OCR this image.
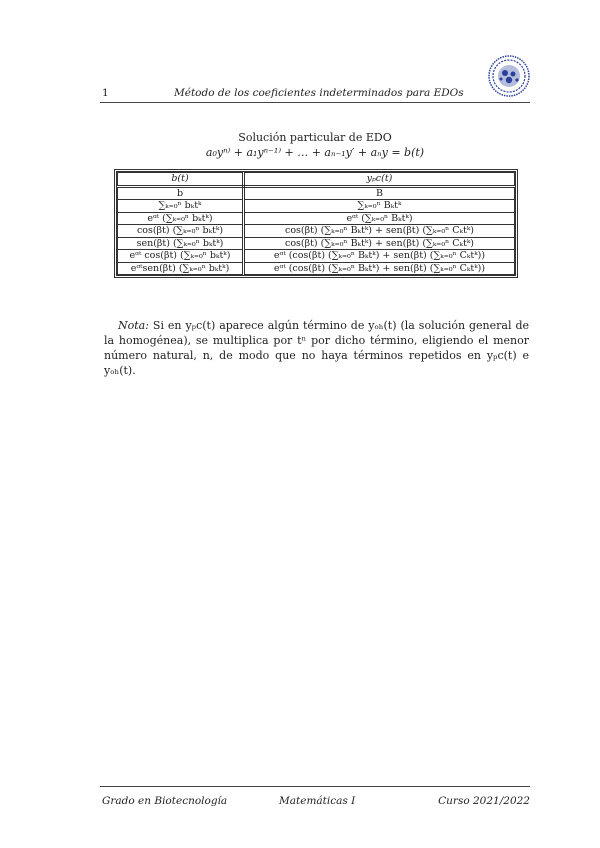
1	Método de los coeficientes indeterminados para EDOs
Solución particular de EDO
a₀yⁿ⁾ + a₁yⁿ⁻¹⁾ + … + aₙ₋₁y′ + aₙy = b(t)
b(t)	yₚc(t)
b	B
∑ₖ₌₀ⁿ bₖtᵏ	∑ₖ₌₀ⁿ Bₖtᵏ
eᵅᵗ (∑ₖ₌₀ⁿ bₖtᵏ)	eᵅᵗ (∑ₖ₌₀ⁿ Bₖtᵏ)
cos(βt) (∑ₖ₌₀ⁿ bₖtᵏ)	cos(βt) (∑ₖ₌₀ⁿ Bₖtᵏ) + sen(βt) (∑ₖ₌₀ⁿ Cₖtᵏ)
sen(βt) (∑ₖ₌₀ⁿ bₖtᵏ)	cos(βt) (∑ₖ₌₀ⁿ Bₖtᵏ) + sen(βt) (∑ₖ₌₀ⁿ Cₖtᵏ)
eᵅᵗ cos(βt) (∑ₖ₌₀ⁿ bₖtᵏ)	eᵅᵗ (cos(βt) (∑ₖ₌₀ⁿ Bₖtᵏ) + sen(βt) (∑ₖ₌₀ⁿ Cₖtᵏ))
eᵅᵗsen(βt) (∑ₖ₌₀ⁿ bₖtᵏ)	eᵅᵗ (cos(βt) (∑ₖ₌₀ⁿ Bₖtᵏ) + sen(βt) (∑ₖ₌₀ⁿ Cₖtᵏ))
Nota: Si en yₚc(t) aparece algún término de yₒₕ(t) (la solución general de la homogénea), se multiplica por tⁿ por dicho término, eligiendo el menor número natural, n, de modo que no haya términos repetidos en yₚc(t) e yₒₕ(t).
Grado en Biotecnología	Matemáticas I	Curso 2021/2022
